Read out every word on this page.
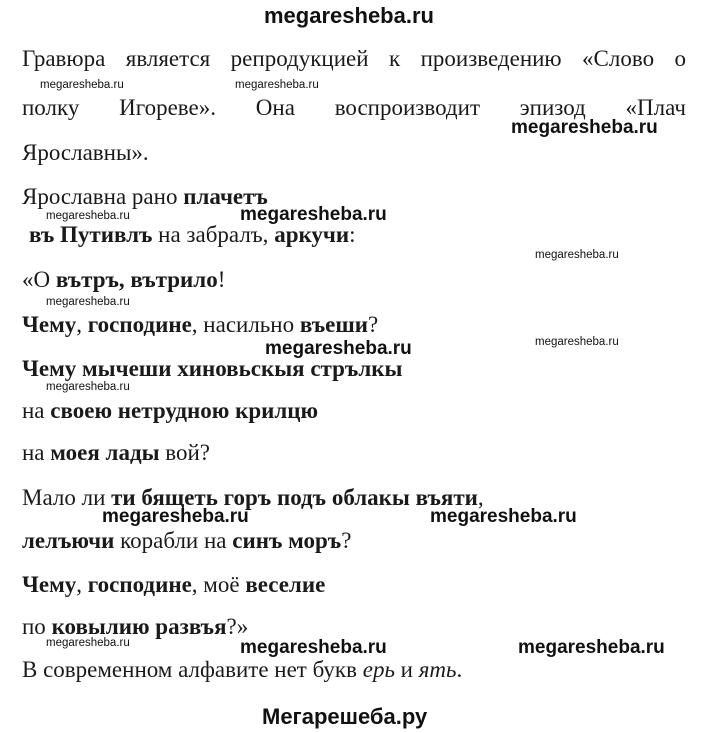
megaresheba.ru
Гравюра является репродукцией к произведению «Слово о
megaresheba.ru	megaresheba.ru
полку Игореве». Она воспроизводит эпизод «Плач
megaresheba.ru
Ярославны».
Ярославна рано плачетъ
megaresheba.ru	megaresheba.ru
въ Путивлъ на забралъ, аркучи:
megaresheba.ru
«О вътръ, вътрило!
megaresheba.ru
Чему, господине, насильно въеши?
megaresheba.ru
megaresheba.ru
Чему мычеши хиновьскыя стрълкы
megaresheba.ru
на своею нетрудною крилцю
на моея лады вой?
Мало ли ти бящеть горъ подъ облакы въяти,
megaresheba.ru	megaresheba.ru
лелъючи корабли на синъ моръ?
Чему, господине, моё веселие
по ковылию развъя?»
megaresheba.ru	megaresheba.ru	megaresheba.ru
В современном алфавите нет букв ерь и ять.
Мегарешеба.ру
